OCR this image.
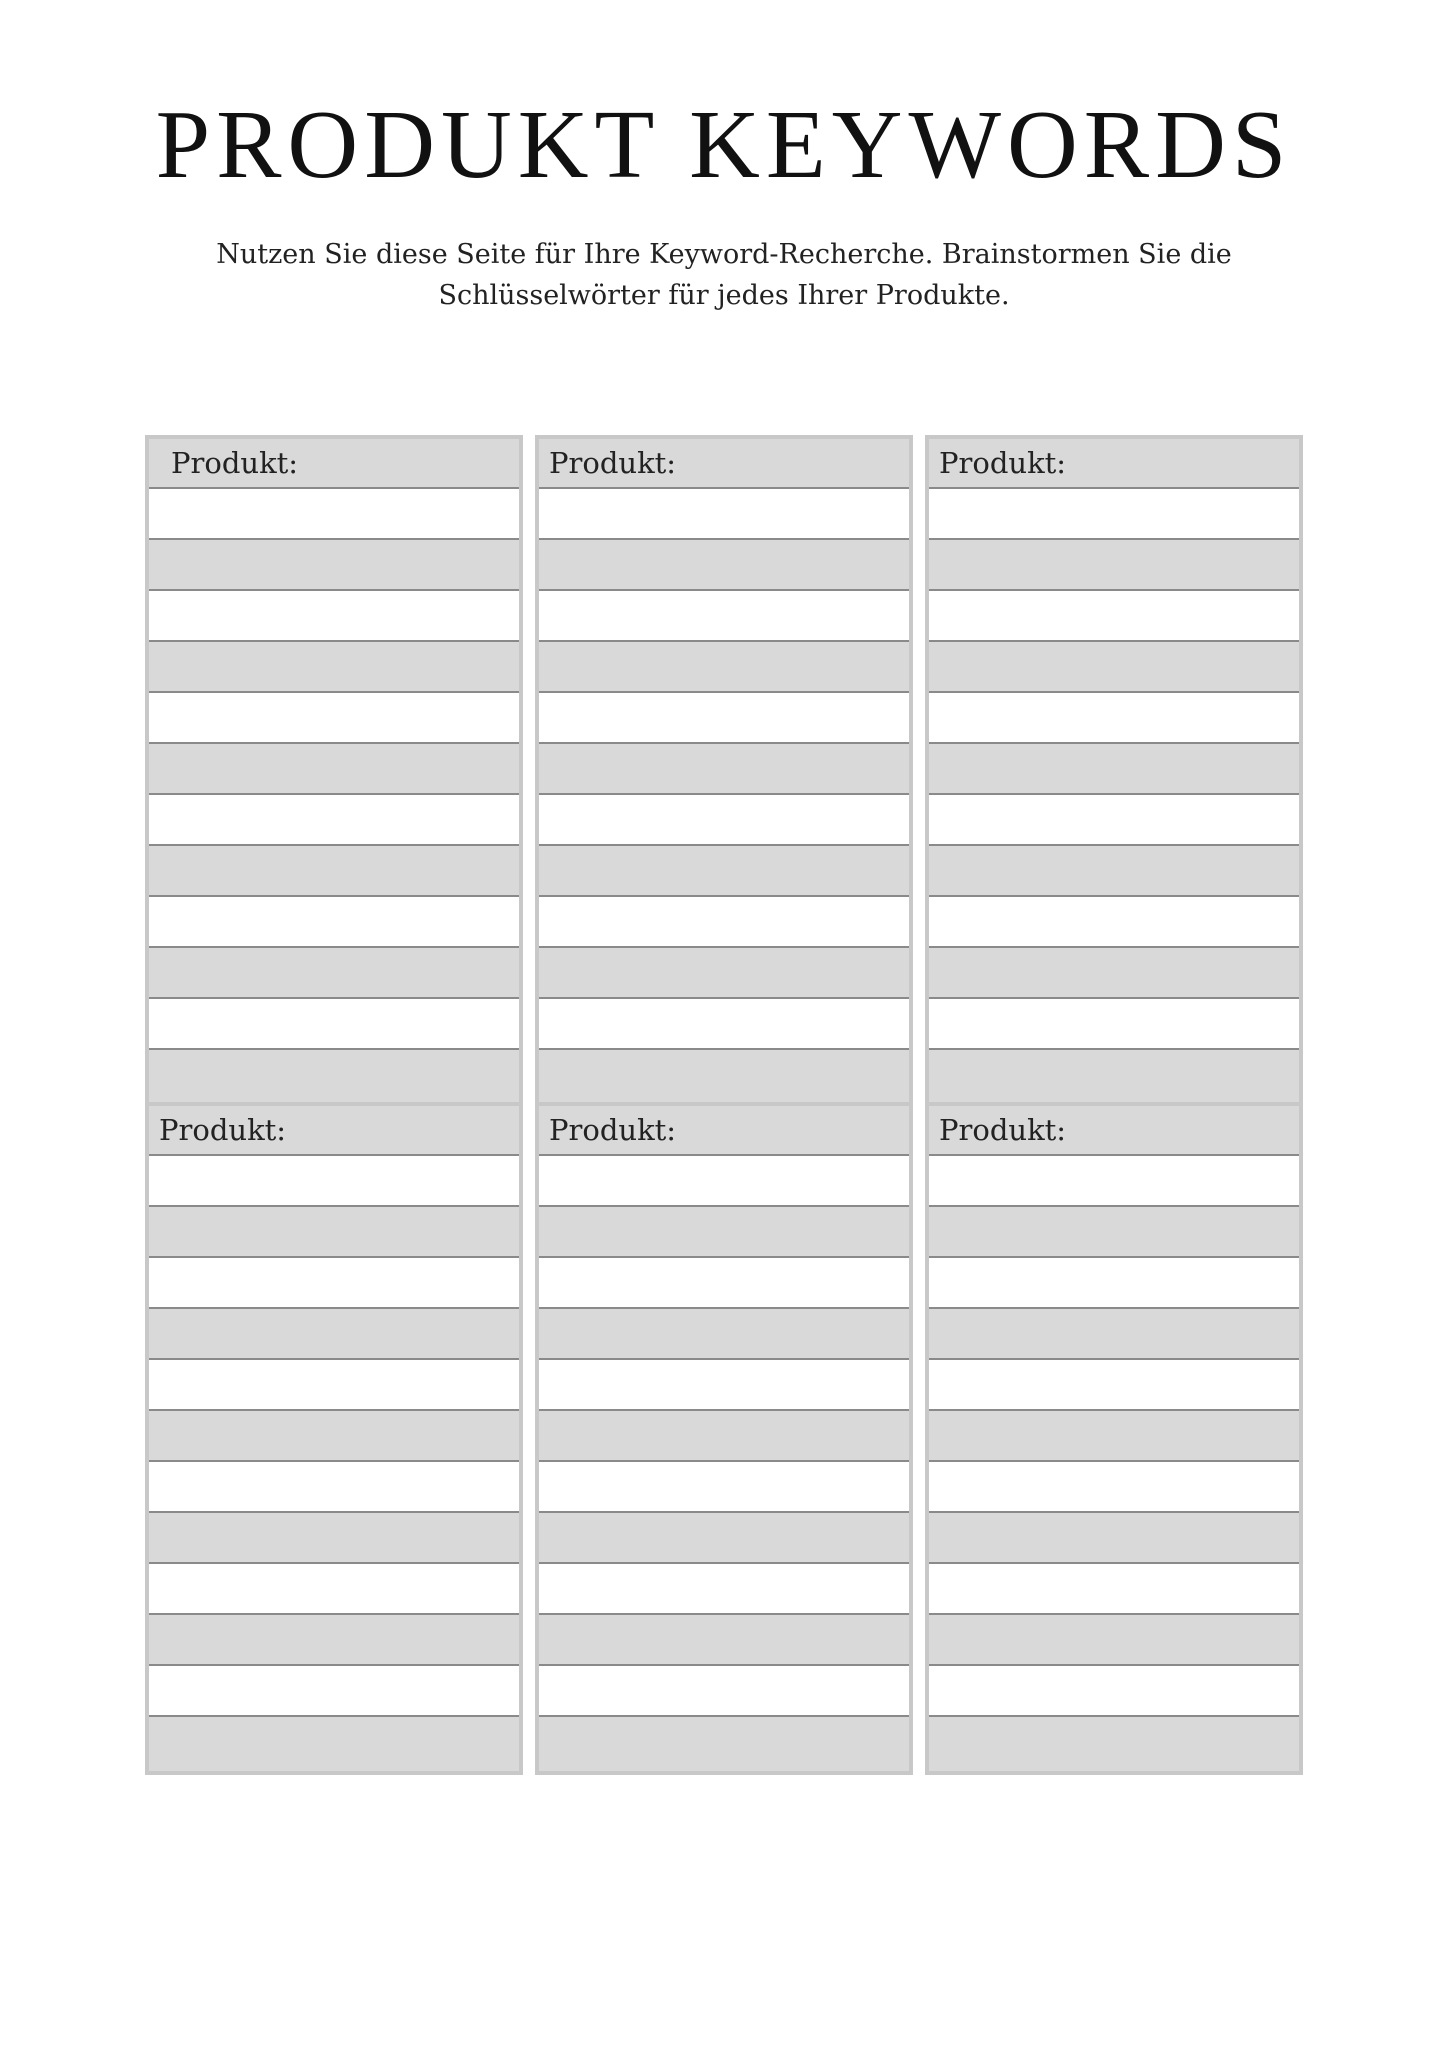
PRODUKT KEYWORDS

Nutzen Sie diese Seite für Ihre Keyword-Recherche. Brainstormen Sie die
Schlüsselwörter für jedes Ihrer Produkte.

Produkt:	Produkt:	Produkt:
Produkt:	Produkt:	Produkt:
